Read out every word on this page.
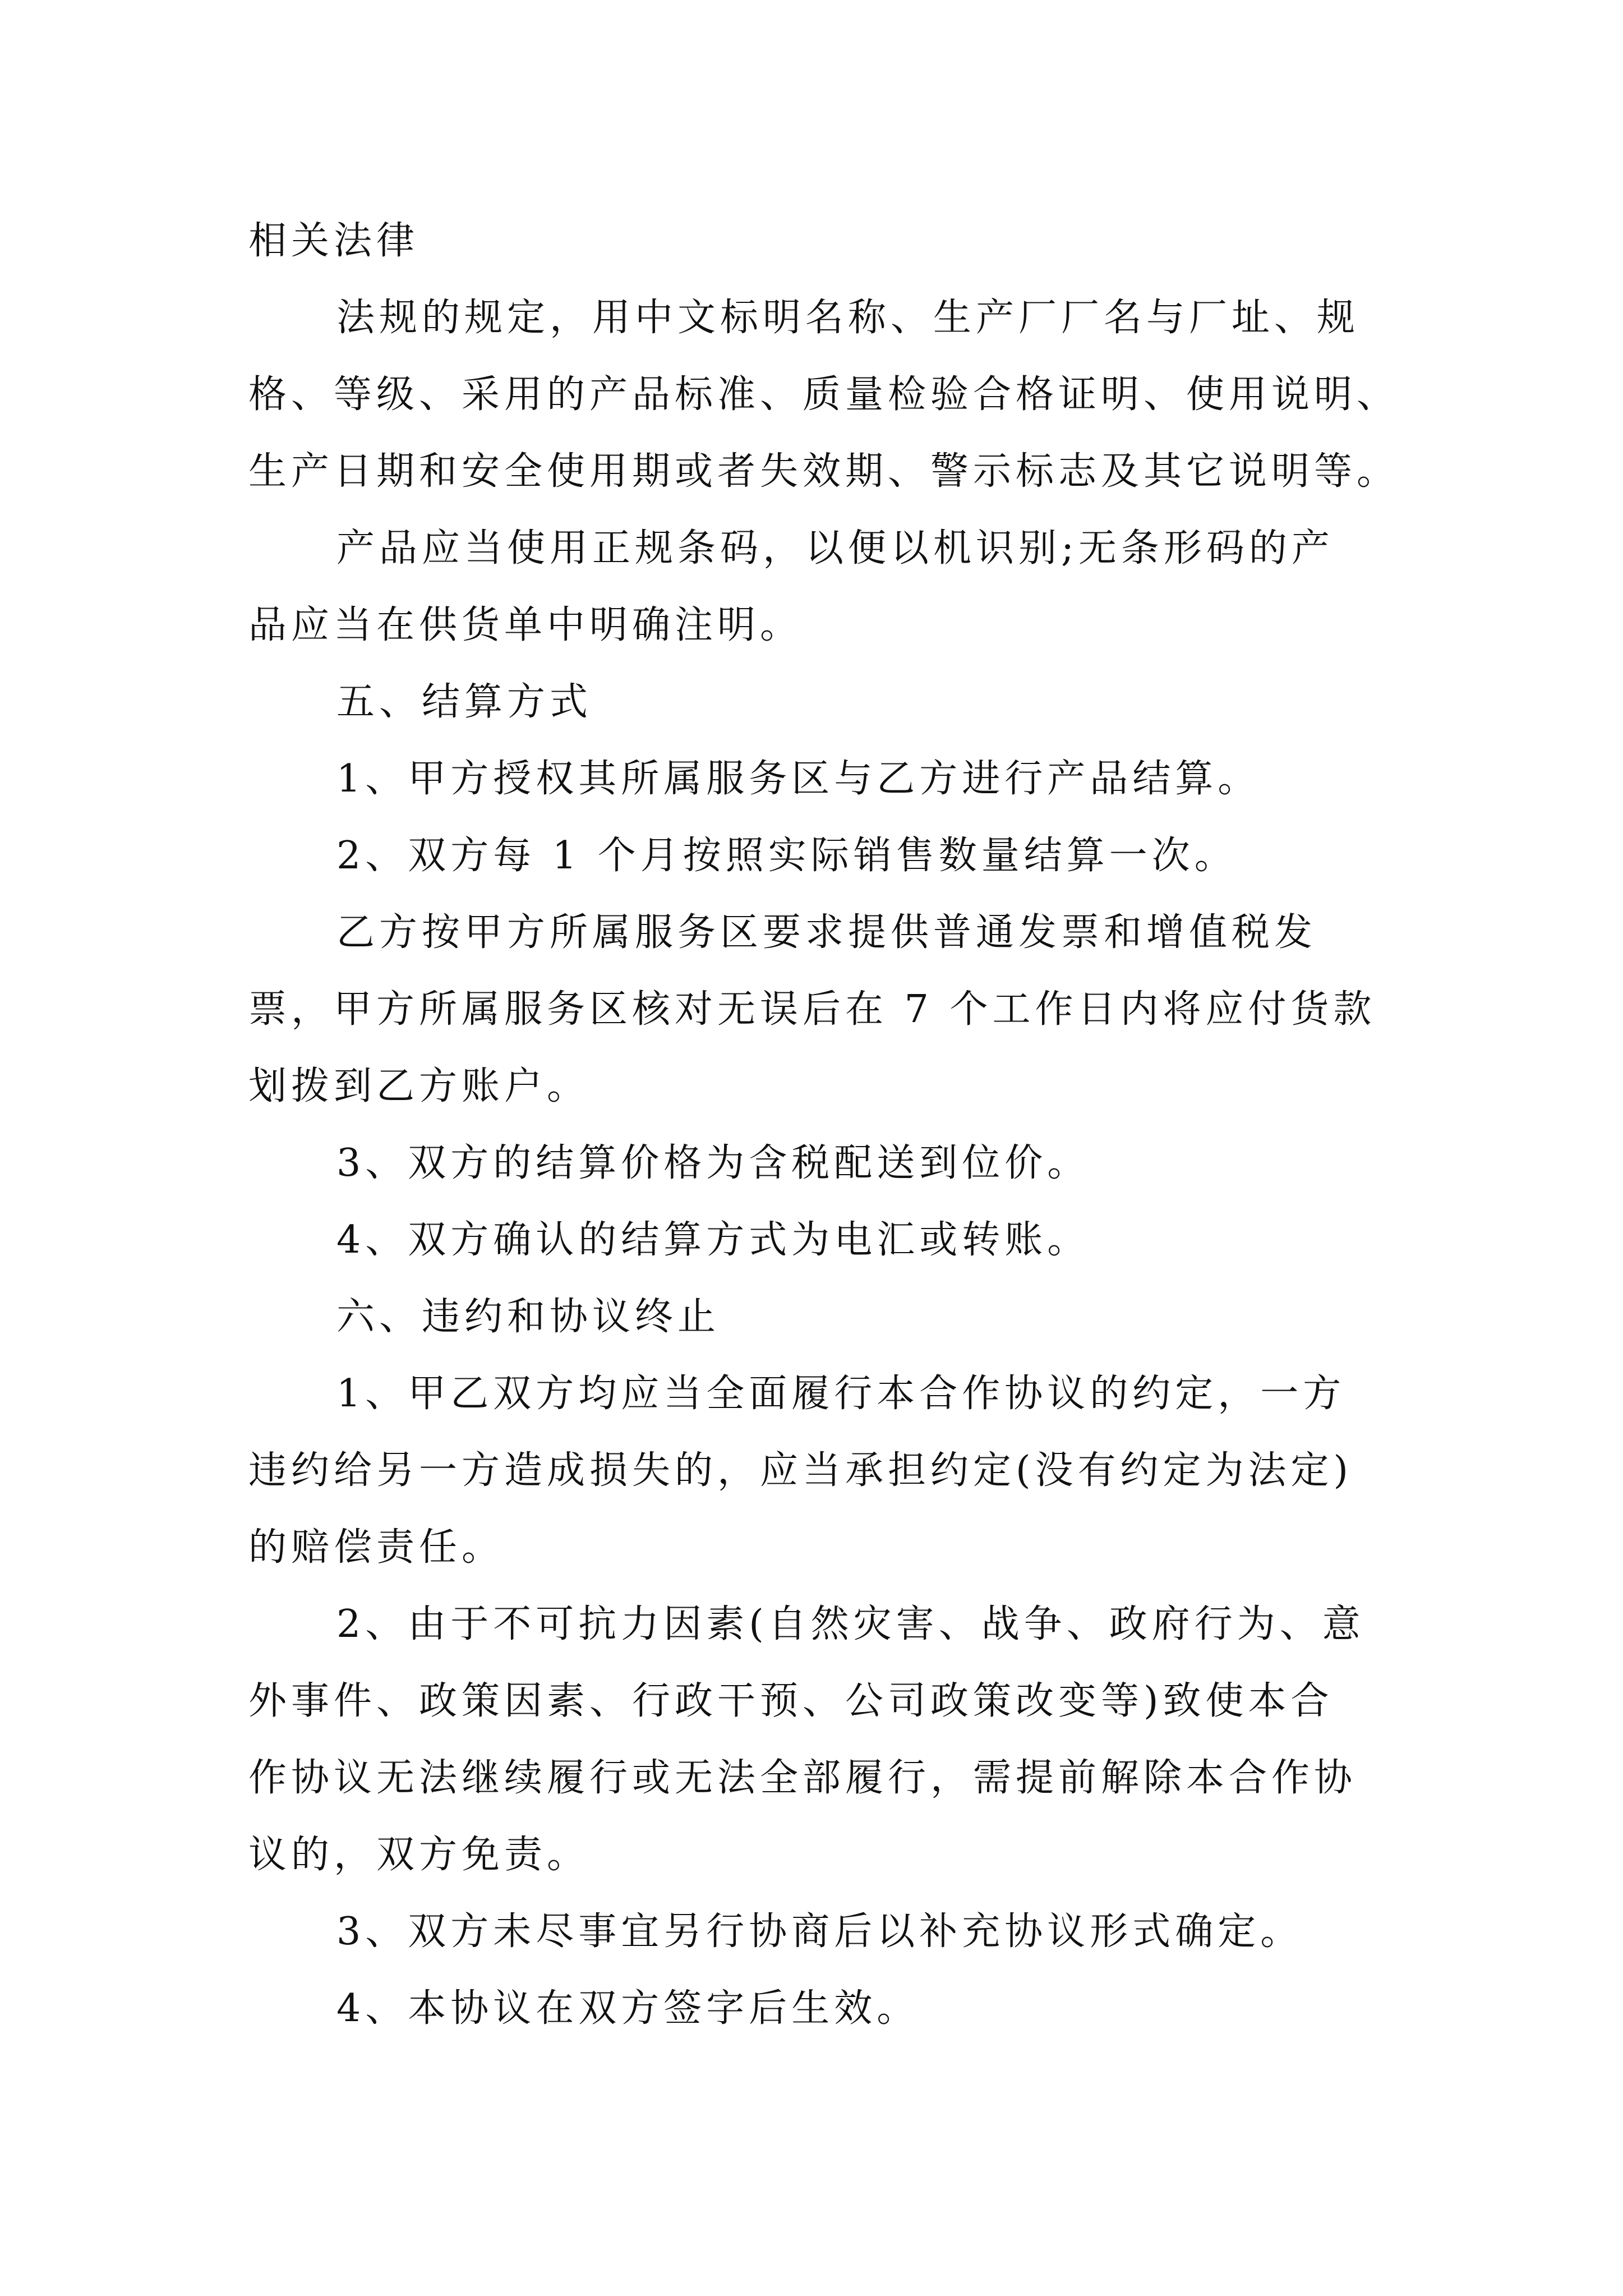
相关法律
法规的规定，用中文标明名称、生产厂厂名与厂址、规
格、等级、采用的产品标准、质量检验合格证明、使用说明、
生产日期和安全使用期或者失效期、警示标志及其它说明等。
产品应当使用正规条码，以便以机识别;无条形码的产
品应当在供货单中明确注明。
五、结算方式
1、甲方授权其所属服务区与乙方进行产品结算。
2、双方每 1 个月按照实际销售数量结算一次。
乙方按甲方所属服务区要求提供普通发票和增值税发
票，甲方所属服务区核对无误后在 7 个工作日内将应付货款
划拨到乙方账户。
3、双方的结算价格为含税配送到位价。
4、双方确认的结算方式为电汇或转账。
六、违约和协议终止
1、甲乙双方均应当全面履行本合作协议的约定，一方
违约给另一方造成损失的，应当承担约定(没有约定为法定)
的赔偿责任。
2、由于不可抗力因素(自然灾害、战争、政府行为、意
外事件、政策因素、行政干预、公司政策改变等)致使本合
作协议无法继续履行或无法全部履行，需提前解除本合作协
议的，双方免责。
3、双方未尽事宜另行协商后以补充协议形式确定。
4、本协议在双方签字后生效。
